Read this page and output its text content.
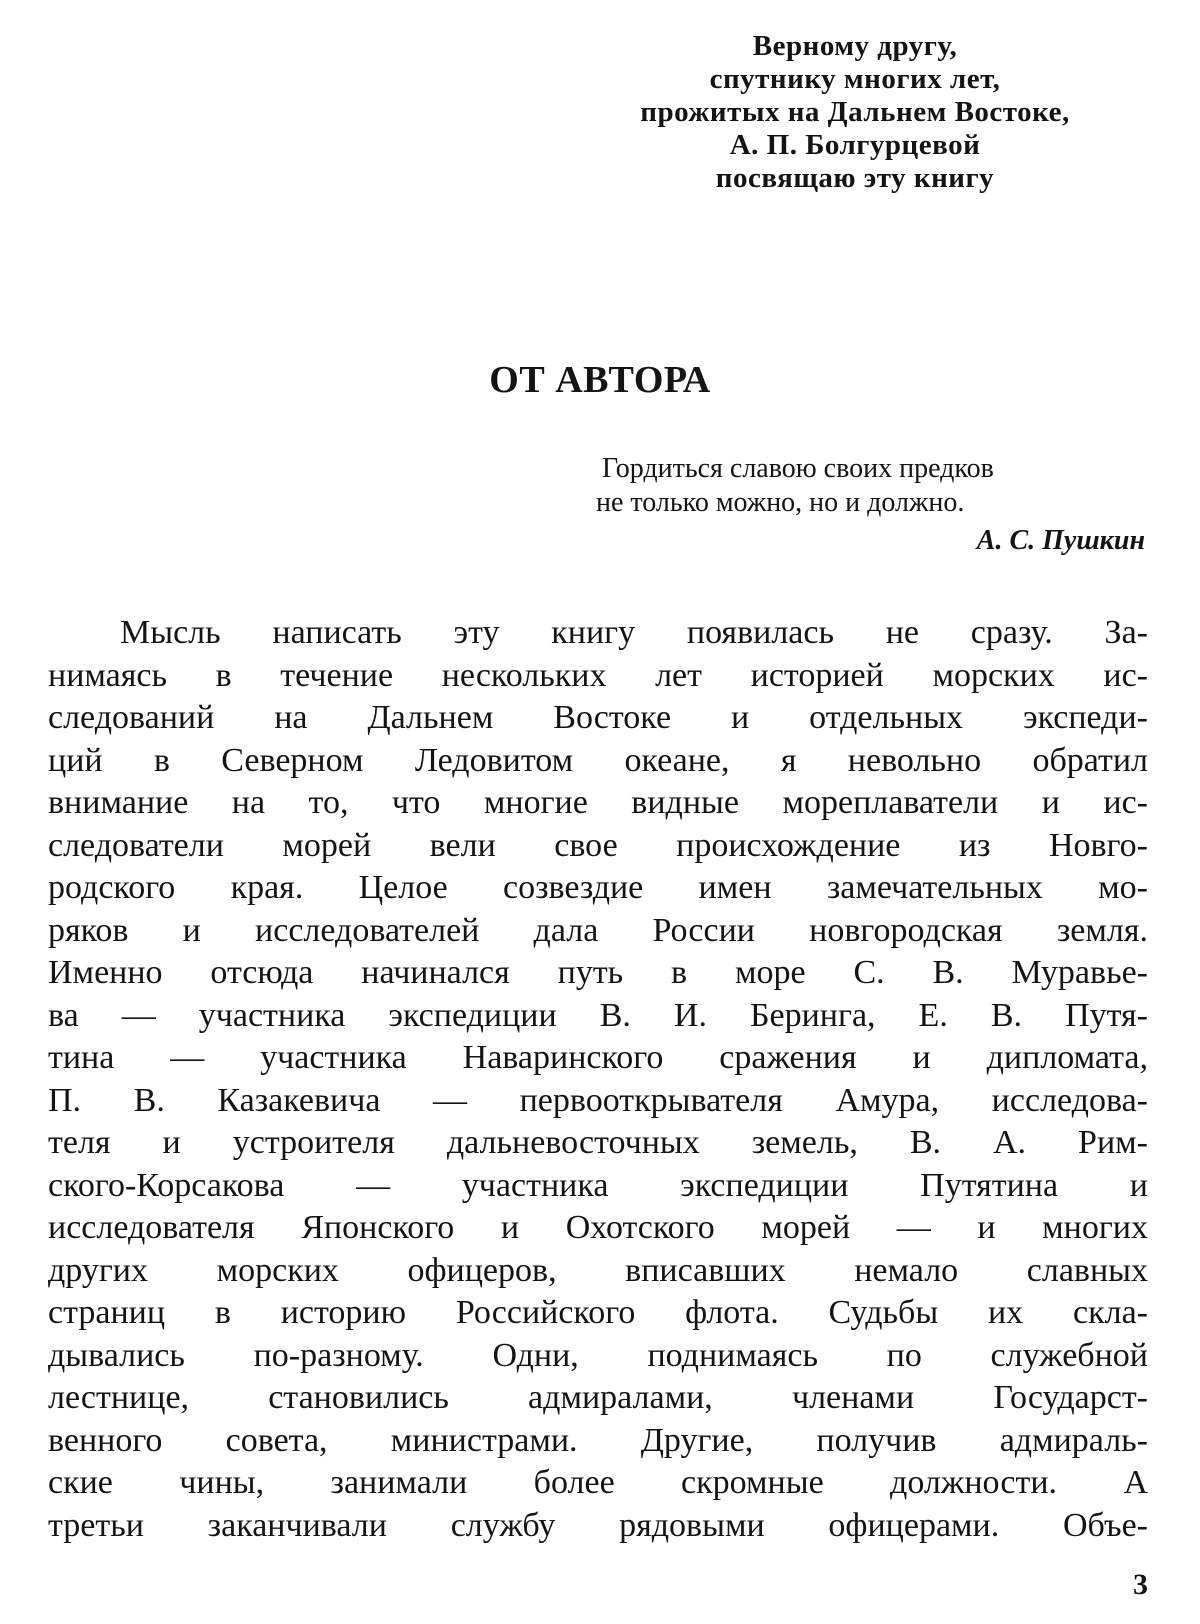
Верному другу,
спутнику многих лет,
прожитых на Дальнем Востоке,
А. П. Болгурцевой
посвящаю эту книгу
ОТ АВТОРА
Гордиться славою своих предков
не только можно, но и должно.
А. С. Пушкин
Мысль написать эту книгу появилась не сразу. За-
нимаясь в течение нескольких лет историей морских ис-
следований на Дальнем Востоке и отдельных экспеди-
ций в Северном Ледовитом океане, я невольно обратил
внимание на то, что многие видные мореплаватели и ис-
следователи морей вели свое происхождение из Новго-
родского края. Целое созвездие имен замечательных мо-
ряков и исследователей дала России новгородская земля.
Именно отсюда начинался путь в море С. В. Муравье-
ва — участника экспедиции В. И. Беринга, Е. В. Путя-
тина — участника Наваринского сражения и дипломата,
П. В. Казакевича — первооткрывателя Амура, исследова-
теля и устроителя дальневосточных земель, В. А. Рим-
ского-Корсакова — участника экспедиции Путятина и
исследователя Японского и Охотского морей — и многих
других морских офицеров, вписавших немало славных
страниц в историю Российского флота. Судьбы их скла-
дывались по-разному. Одни, поднимаясь по служебной
лестнице, становились адмиралами, членами Государст-
венного совета, министрами. Другие, получив адмираль-
ские чины, занимали более скромные должности. А
третьи заканчивали службу рядовыми офицерами. Объе-
3
